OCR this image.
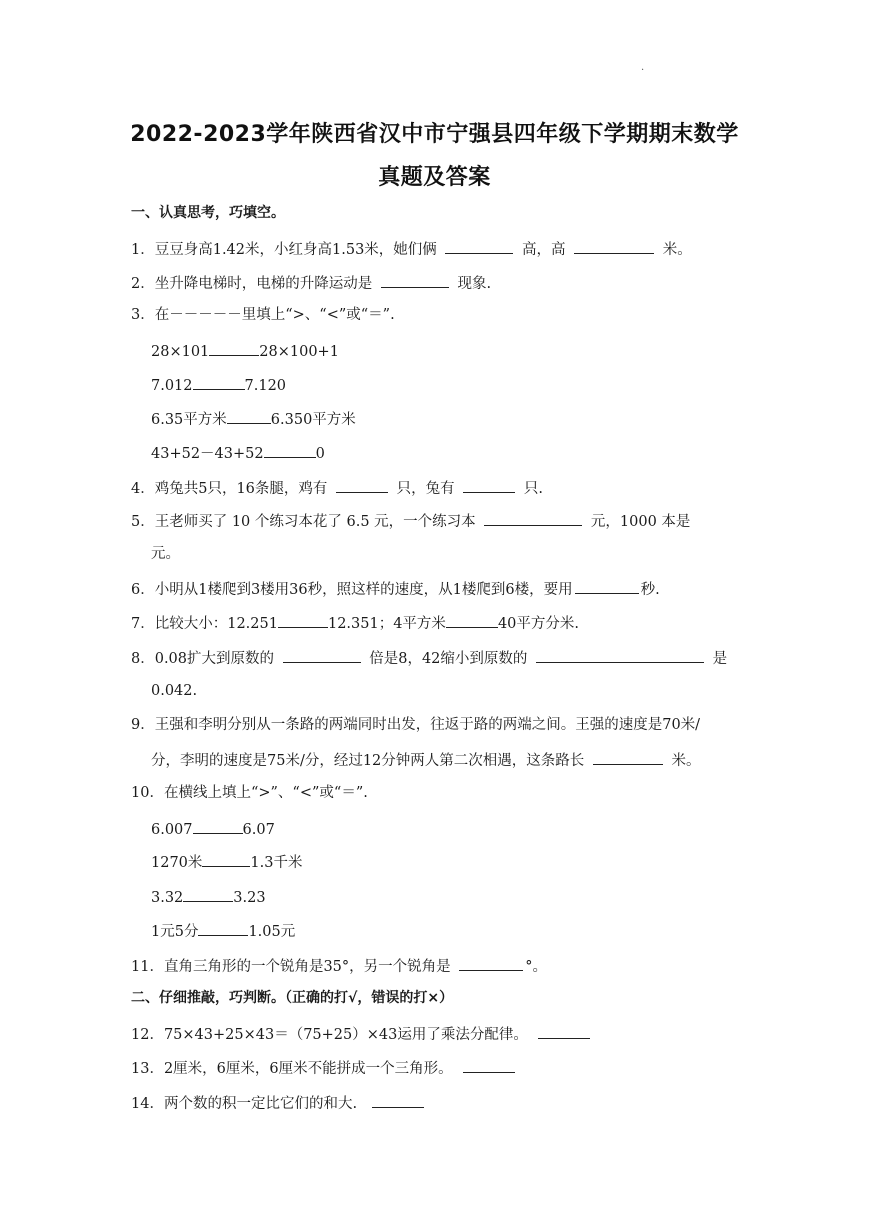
.
2022-2023学年陕西省汉中市宁强县四年级下学期期末数学
真题及答案
一、认真思考，巧填空。
1．豆豆身高1.42米，小红身高1.53米，她们俩	高，高	米。
2．坐升降电梯时，电梯的升降运动是	现象.
3．在－－－－－里填上“>、“<”或“＝”.
28×101	28×100+1
7.012	7.120
6.35平方米	6.350平方米
43+52－43+52	0
4．鸡兔共5只，16条腿，鸡有	只，兔有	只.
5．王老师买了 10 个练习本花了 6.5 元，一个练习本	元，1000 本是
元。
6．小明从1楼爬到3楼用36秒，照这样的速度，从1楼爬到6楼，要用	秒.
7．比较大小：12.251	12.351；4平方米	40平方分米.
8．0.08扩大到原数的	倍是8，42缩小到原数的	是
0.042.
9．王强和李明分别从一条路的两端同时出发，往返于路的两端之间。王强的速度是70米/
分，李明的速度是75米/分，经过12分钟两人第二次相遇，这条路长	米。
10．在横线上填上“>”、“<”或“＝”.
6.007	6.07
1270米	1.3千米
3.32	3.23
1元5分	1.05元
11．直角三角形的一个锐角是35°，另一个锐角是	°。
二、仔细推敲，巧判断。（正确的打√，错误的打×）
12．75×43+25×43＝（75+25）×43运用了乘法分配律。
13．2厘米，6厘米，6厘米不能拼成一个三角形。
14．两个数的积一定比它们的和大.
